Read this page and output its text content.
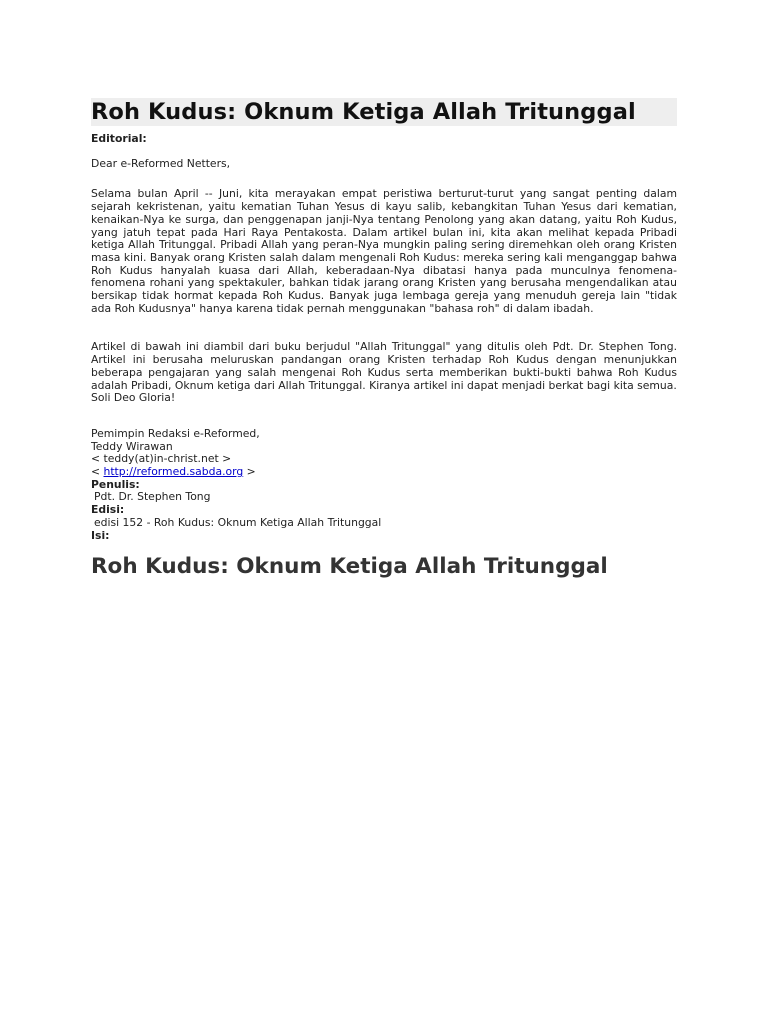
Roh Kudus: Oknum Ketiga Allah Tritunggal
Editorial:
Dear e-Reformed Netters,
Selama bulan April -- Juni, kita merayakan empat peristiwa berturut-turut yang sangat penting dalam sejarah kekristenan, yaitu kematian Tuhan Yesus di kayu salib, kebangkitan Tuhan Yesus dari kematian, kenaikan-Nya ke surga, dan penggenapan janji-Nya tentang Penolong yang akan datang, yaitu Roh Kudus, yang jatuh tepat pada Hari Raya Pentakosta. Dalam artikel bulan ini, kita akan melihat kepada Pribadi ketiga Allah Tritunggal. Pribadi Allah yang peran-Nya mungkin paling sering diremehkan oleh orang Kristen masa kini. Banyak orang Kristen salah dalam mengenali Roh Kudus: mereka sering kali menganggap bahwa Roh Kudus hanyalah kuasa dari Allah, keberadaan-Nya dibatasi hanya pada munculnya fenomena-fenomena rohani yang spektakuler, bahkan tidak jarang orang Kristen yang berusaha mengendalikan atau bersikap tidak hormat kepada Roh Kudus. Banyak juga lembaga gereja yang menuduh gereja lain "tidak ada Roh Kudusnya" hanya karena tidak pernah menggunakan "bahasa roh" di dalam ibadah.
Artikel di bawah ini diambil dari buku berjudul "Allah Tritunggal" yang ditulis oleh Pdt. Dr. Stephen Tong. Artikel ini berusaha meluruskan pandangan orang Kristen terhadap Roh Kudus dengan menunjukkan beberapa pengajaran yang salah mengenai Roh Kudus serta memberikan bukti-bukti bahwa Roh Kudus adalah Pribadi, Oknum ketiga dari Allah Tritunggal. Kiranya artikel ini dapat menjadi berkat bagi kita semua.
Soli Deo Gloria!
Pemimpin Redaksi e-Reformed,
Teddy Wirawan
< teddy(at)in-christ.net >
< http://reformed.sabda.org >
Penulis:
Pdt. Dr. Stephen Tong
Edisi:
edisi 152 - Roh Kudus: Oknum Ketiga Allah Tritunggal
Isi:
Roh Kudus: Oknum Ketiga Allah Tritunggal
